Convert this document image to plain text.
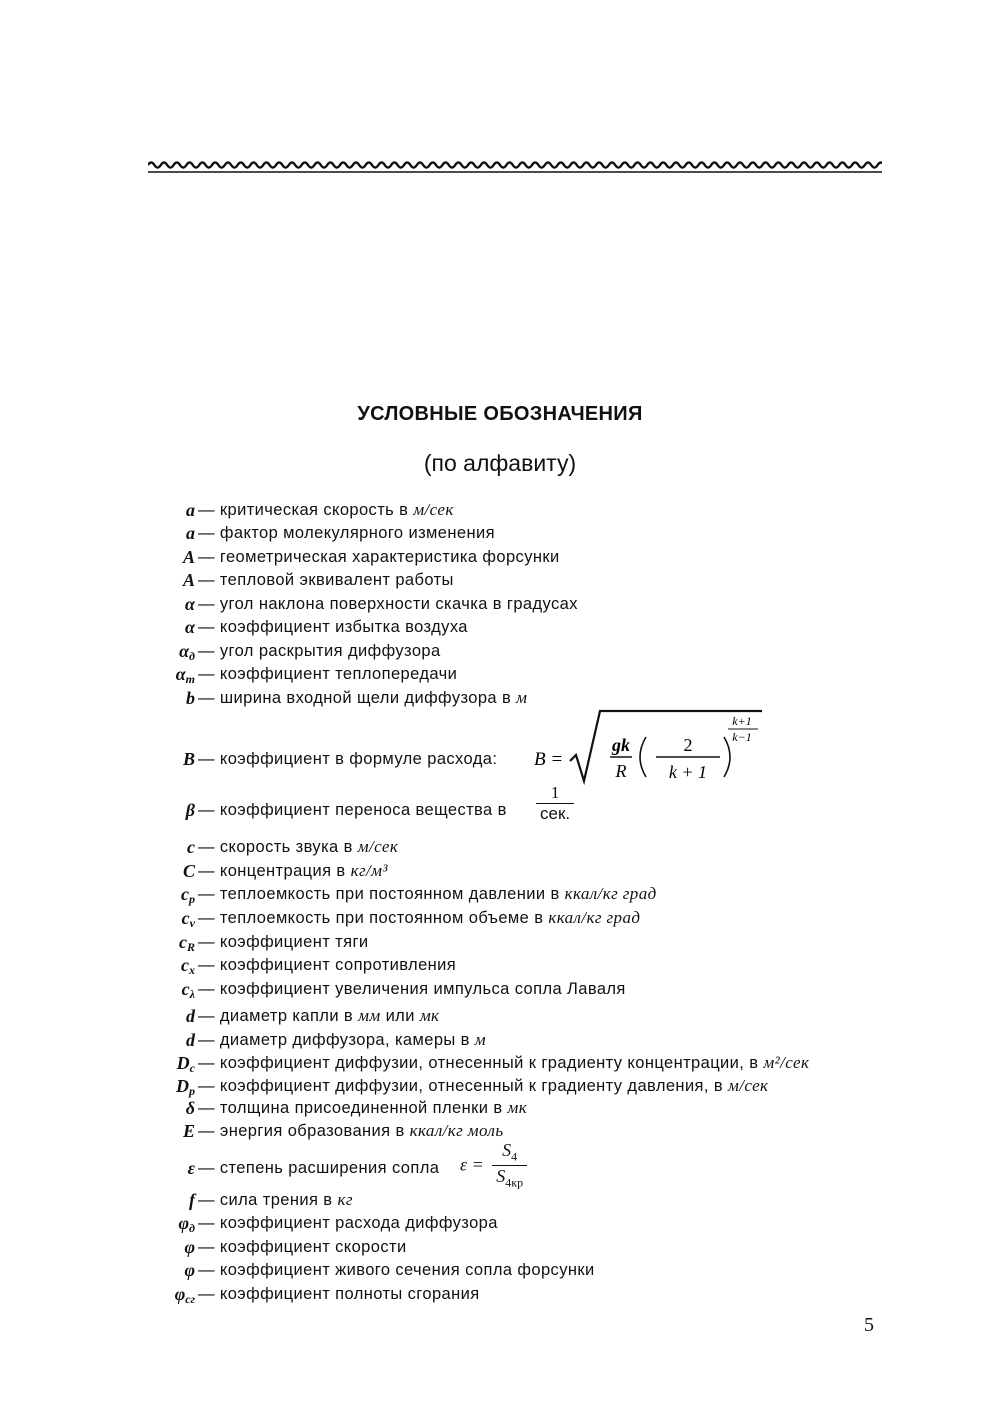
УСЛОВНЫЕ ОБОЗНАЧЕНИЯ
(по алфавиту)
a — критическая скорость в м/сек
a — фактор молекулярного изменения
A — геометрическая характеристика форсунки
A — тепловой эквивалент работы
α — угол наклона поверхности скачка в градусах
α — коэффициент избытка воздуха
$\alpha_д$ — угол раскрытия диффузора
$\alpha_т$ — коэффициент теплопередачи
b — ширина входной щели диффузора в м
B — коэффициент в формуле расхода:
β — коэффициент переноса вещества в
c — скорость звука в м/сек
C — концентрация в кг/м³
$c_p$ — теплоемкость при постоянном давлении в ккал/кг град
$c_v$ — теплоемкость при постоянном объеме в ккал/кг град
$c_R$ — коэффициент тяги
$c_x$ — коэффициент сопротивления
$c_\lambda$ — коэффициент увеличения импульса сопла Лаваля
d — диаметр капли в мм или мк
d — диаметр диффузора, камеры в м
$D_c$ — коэффициент диффузии, отнесенный к градиенту концентрации, в м²/сек
$D_p$ — коэффициент диффузии, отнесенный к градиенту давления, в м/сек
δ — толщина присоединенной пленки в мк
E — энергия образования в ккал/кг моль
ε — степень расширения сопла
f — сила трения в кг
$\varphi_д$ — коэффициент расхода диффузора
φ — коэффициент скорости
φ — коэффициент живого сечения сопла форсунки
$\varphi_{сг}$ — коэффициент полноты сгорания
B =
gk
R
2
k + 1
k+1
k−1
$\frac{1}{\text{сек.}}$
$\varepsilon = \frac{S_4}{S_{4кр}}$
5
